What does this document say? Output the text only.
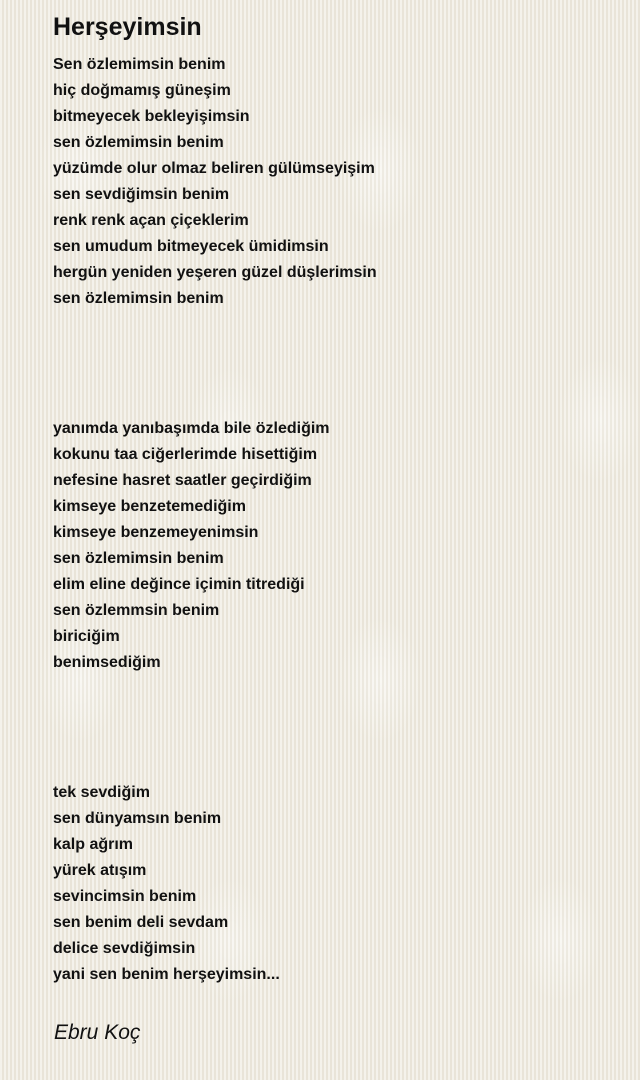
Herşeyimsin
Sen özlemimsin benim
hiç doğmamış güneşim
bitmeyecek bekleyişimsin
sen özlemimsin benim
yüzümde olur olmaz beliren gülümseyişim
sen sevdiğimsin benim
renk renk açan çiçeklerim
sen umudum bitmeyecek ümidimsin
hergün yeniden yeşeren güzel düşlerimsin
sen özlemimsin benim
yanımda yanıbaşımda bile özlediğim
kokunu taa ciğerlerimde hisettiğim
nefesine hasret saatler geçirdiğim
kimseye benzetemediğim
kimseye benzemeyenimsin
sen özlemimsin benim
elim eline değince içimin titrediği
sen özlemmsin benim
biriciğim
benimsediğim
tek sevdiğim
sen dünyamsın benim
kalp ağrım
yürek atışım
sevincimsin benim
sen benim deli sevdam
delice sevdiğimsin
yani sen benim herşeyimsin...
Ebru Koç
